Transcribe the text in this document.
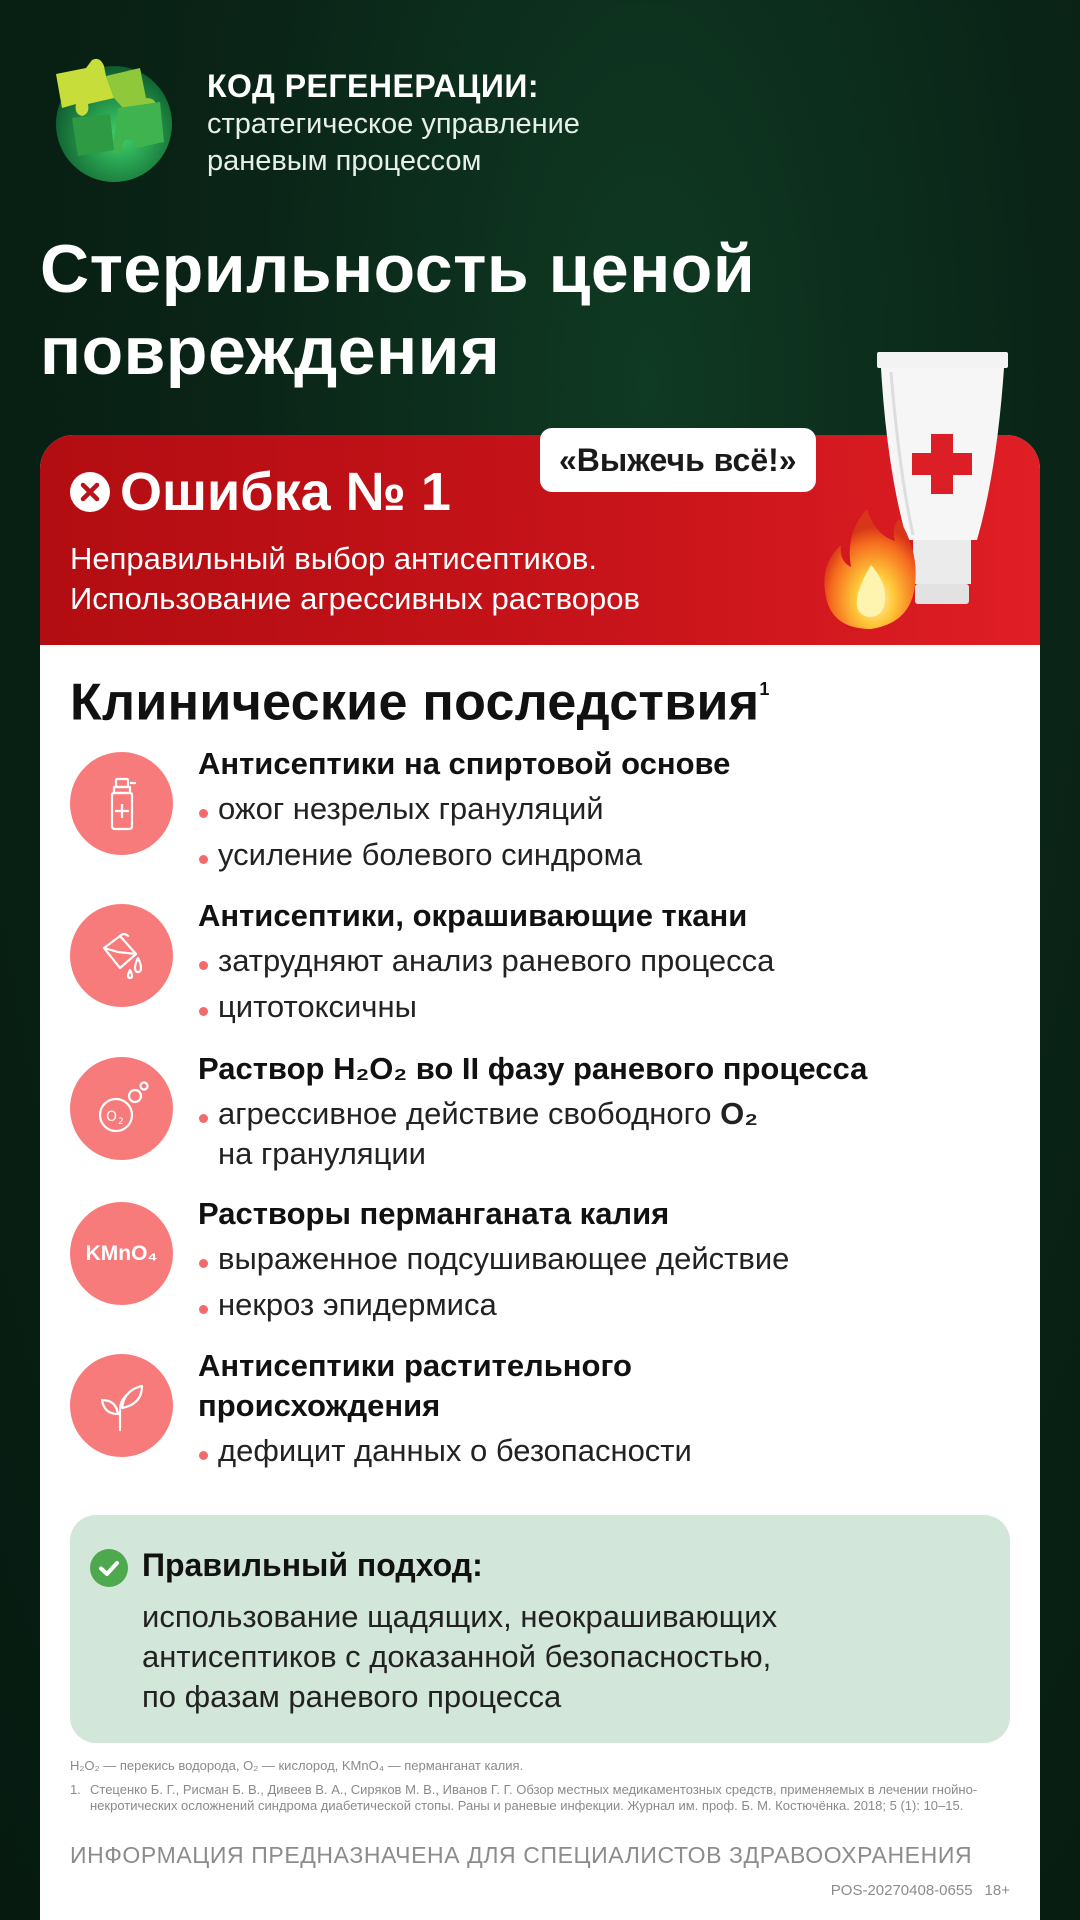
КОД РЕГЕНЕРАЦИИ:
стратегическое управление
раневым процессом
Стерильность ценой
повреждения
Ошибка № 1
Неправильный выбор антисептиков.
Использование агрессивных растворов
Клинические последствия$^1$
Антисептики на спиртовой основе
ожог незрелых грануляций
усиление болевого синдрома
Антисептики, окрашивающие ткани
затрудняют анализ раневого процесса
цитотоксичны
O 2
Раствор H₂O₂ во II фазу раневого процесса
агрессивное действие свободного O₂
на грануляции
KMnO₄
Растворы перманганата калия
выраженное подсушивающее действие
некроз эпидермиса
Антисептики растительного
происхождения
дефицит данных о безопасности
Правильный подход:
использование щадящих, неокрашивающих
антисептиков с доказанной безопасностью,
по фазам раневого процесса
H₂O₂ — перекись водорода, O₂ — кислород, KMnO₄ — перманганат калия.
1. Стеценко Б. Г., Рисман Б. В., Дивеев В. А., Сиряков М. В., Иванов Г. Г. Обзор местных медикаментозных средств, применяемых в лечении гнойно-некротических осложнений синдрома диабетической стопы. Раны и раневые инфекции. Журнал им. проф. Б. М. Костючёнка. 2018; 5 (1): 10–15.
ИНФОРМАЦИЯ ПРЕДНАЗНАЧЕНА ДЛЯ СПЕЦИАЛИСТОВ ЗДРАВООХРАНЕНИЯ
POS-20270408-0655 18+
«Выжечь всё!»
